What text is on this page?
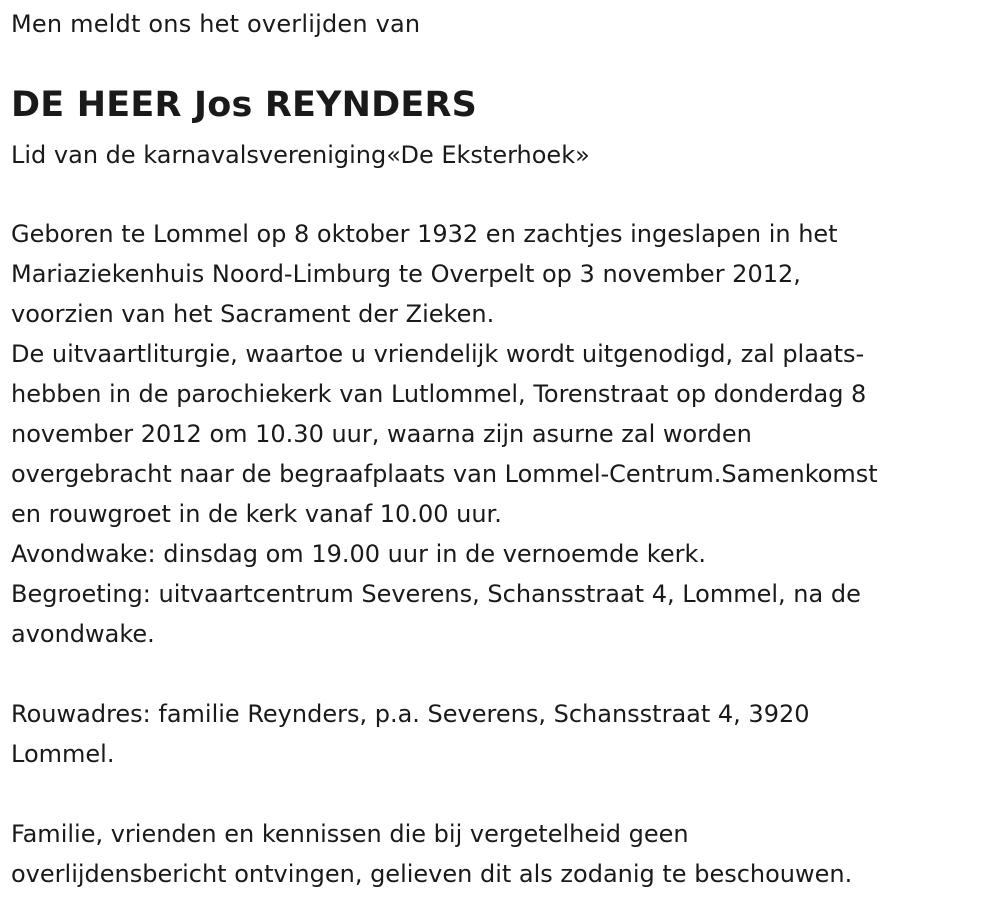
Men meldt ons het overlijden van
DE HEER Jos REYNDERS
Lid van de karnavalsvereniging«De Eksterhoek»
Geboren te Lommel op 8 oktober 1932 en zachtjes ingeslapen in het
Mariaziekenhuis Noord-Limburg te Overpelt op 3 november 2012,
voorzien van het Sacrament der Zieken.
De uitvaartliturgie, waartoe u vriendelijk wordt uitgenodigd, zal plaats-
hebben in de parochiekerk van Lutlommel, Torenstraat op donderdag 8
november 2012 om 10.30 uur, waarna zijn asurne zal worden
overgebracht naar de begraafplaats van Lommel-Centrum.Samenkomst
en rouwgroet in de kerk vanaf 10.00 uur.
Avondwake: dinsdag om 19.00 uur in de vernoemde kerk.
Begroeting: uitvaartcentrum Severens, Schansstraat 4, Lommel, na de
avondwake.
Rouwadres: familie Reynders, p.a. Severens, Schansstraat 4, 3920
Lommel.
Familie, vrienden en kennissen die bij vergetelheid geen
overlijdensbericht ontvingen, gelieven dit als zodanig te beschouwen.
